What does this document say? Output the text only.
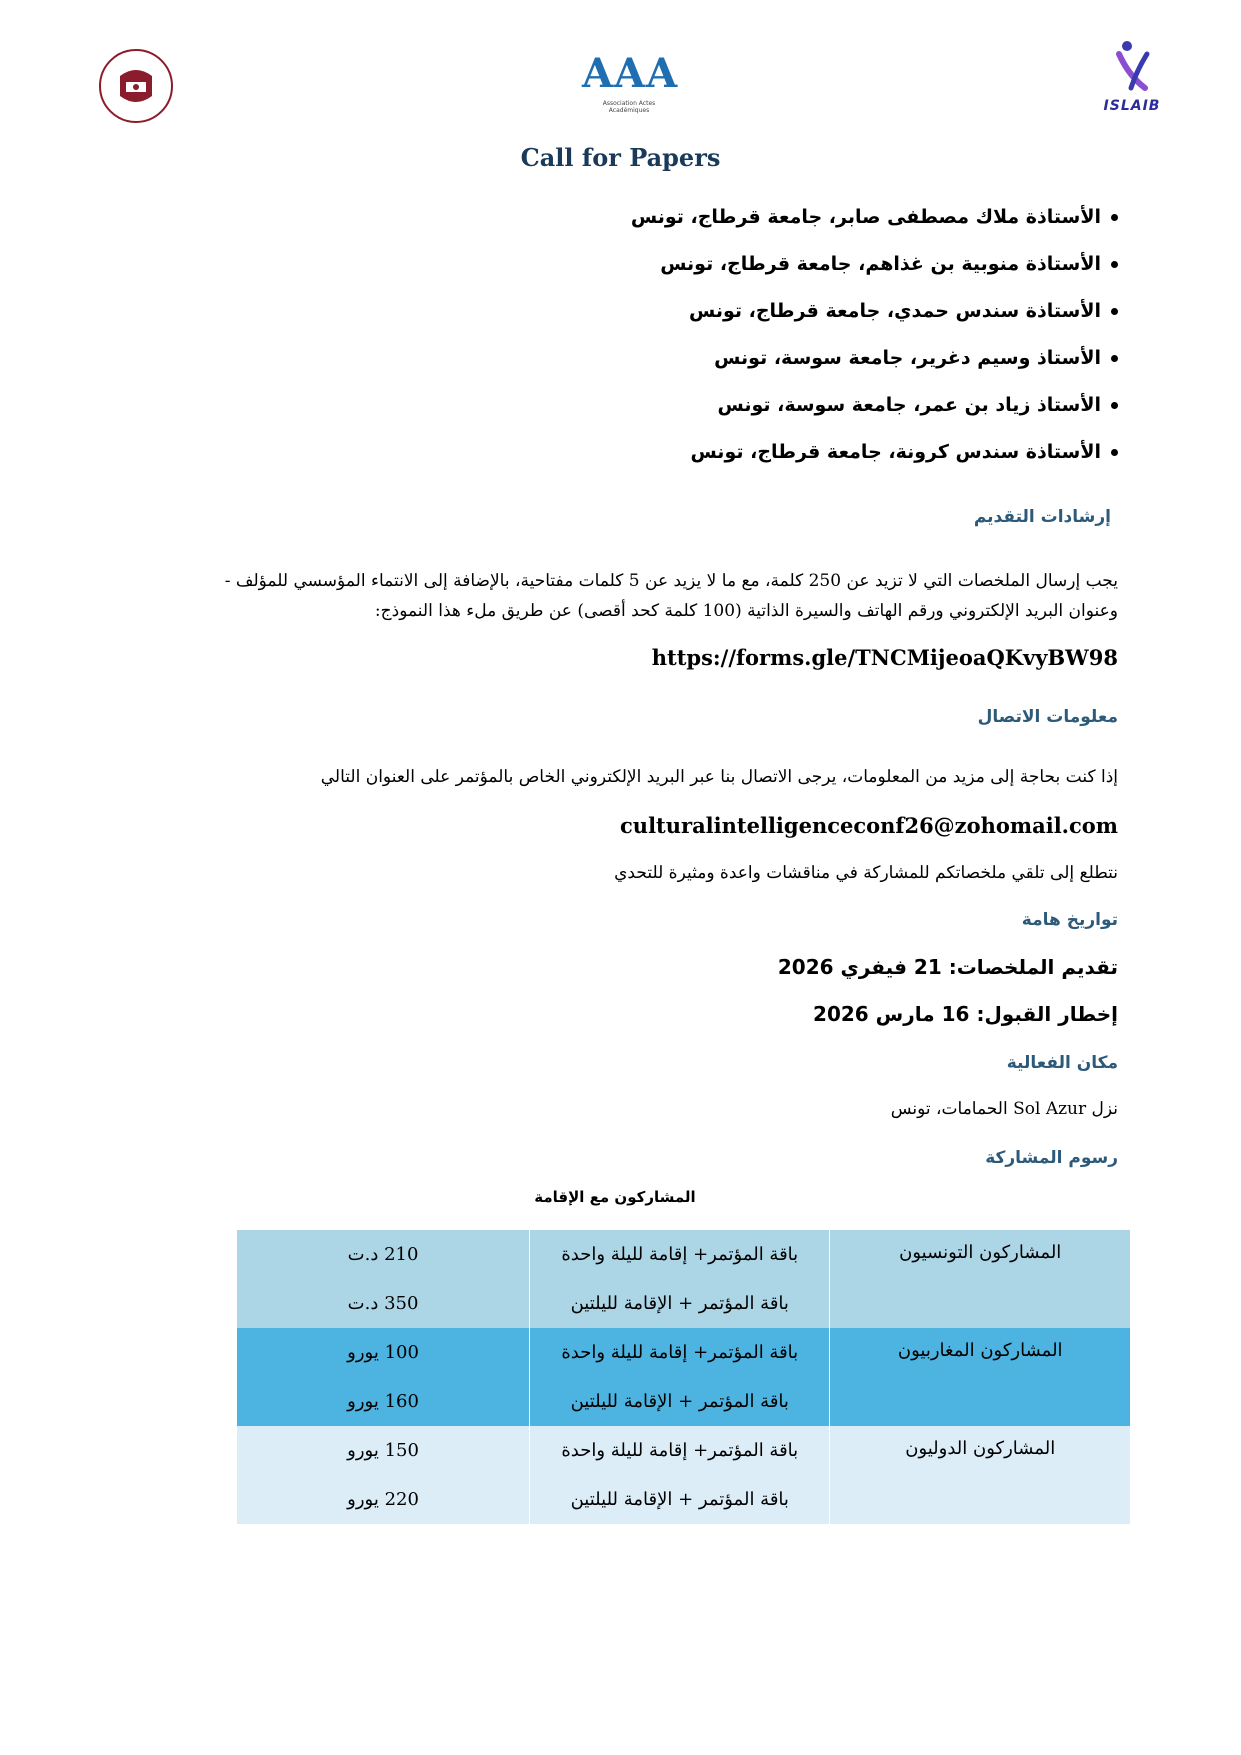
AAA
Association Actes Académiques	ISLAIB
Call for Papers
الأستاذة ملاك مصطفى صابر، جامعة قرطاج، تونس
الأستاذة منوبية بن غذاهم، جامعة قرطاج، تونس
الأستاذة سندس حمدي، جامعة قرطاج، تونس
الأستاذ وسيم دغرير، جامعة سوسة، تونس
الأستاذ زياد بن عمر، جامعة سوسة، تونس
الأستاذة سندس كرونة، جامعة قرطاج، تونس
إرشادات التقديم
يجب إرسال الملخصات التي لا تزيد عن 250 كلمة، مع ما لا يزيد عن 5 كلمات مفتاحية، بالإضافة إلى الانتماء المؤسسي للمؤلف -
وعنوان البريد الإلكتروني ورقم الهاتف والسيرة الذاتية (100 كلمة كحد أقصى) عن طريق ملء هذا النموذج:
https://forms.gle/TNCMijeoaQKvyBW98
معلومات الاتصال
إذا كنت بحاجة إلى مزيد من المعلومات، يرجى الاتصال بنا عبر البريد الإلكتروني الخاص بالمؤتمر على العنوان التالي
culturalintelligenceconf26@zohomail.com
نتطلع إلى تلقي ملخصاتكم للمشاركة في مناقشات واعدة ومثيرة للتحدي
تواريخ هامة
تقديم الملخصات: 21 فيفري 2026
إخطار القبول: 16 مارس 2026
مكان الفعالية
نزل Sol Azur الحمامات، تونس
رسوم المشاركة
المشاركون مع الإقامة
المشاركون التونسيون	باقة المؤتمر+ إقامة لليلة واحدة	210 د.ت
	باقة المؤتمر + الإقامة لليلتين	350 د.ت
المشاركون المغاربيون	باقة المؤتمر+ إقامة لليلة واحدة	100 يورو
	باقة المؤتمر + الإقامة لليلتين	160 يورو
المشاركون الدوليون	باقة المؤتمر+ إقامة لليلة واحدة	150 يورو
	باقة المؤتمر + الإقامة لليلتين	220 يورو
